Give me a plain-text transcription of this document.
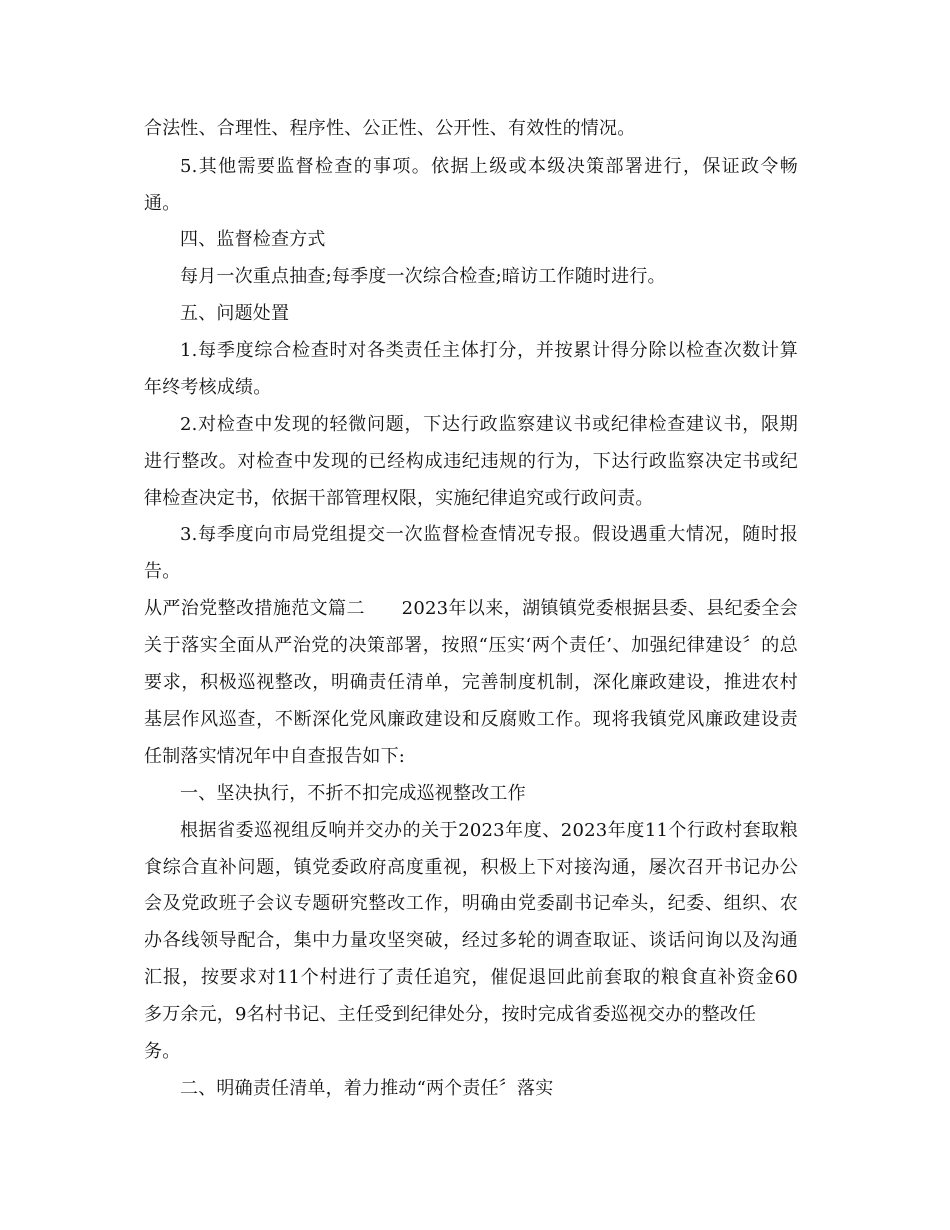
合法性、合理性、程序性、公正性、公开性、有效性的情况。
5.其他需要监督检查的事项。依据上级或本级决策部署进行，保证政令畅
通。
四、监督检查方式
每月一次重点抽查;每季度一次综合检查;暗访工作随时进行。
五、问题处置
1.每季度综合检查时对各类责任主体打分，并按累计得分除以检查次数计算
年终考核成绩。
2.对检查中发现的轻微问题，下达行政监察建议书或纪律检查建议书，限期
进行整改。对检查中发现的已经构成违纪违规的行为，下达行政监察决定书或纪
律检查决定书，依据干部管理权限，实施纪律追究或行政问责。
3.每季度向市局党组提交一次监督检查情况专报。假设遇重大情况，随时报
告。
从严治党整改措施范文篇二　　2023年以来，湖镇镇党委根据县委、县纪委全会
关于落实全面从严治党的决策部署，按照“压实‘两个责任’、加强纪律建设〞的总
要求，积极巡视整改，明确责任清单，完善制度机制，深化廉政建设，推进农村
基层作风巡查，不断深化党风廉政建设和反腐败工作。现将我镇党风廉政建设责
任制落实情况年中自查报告如下:
一、坚决执行，不折不扣完成巡视整改工作
根据省委巡视组反响并交办的关于2023年度、2023年度11个行政村套取粮
食综合直补问题，镇党委政府高度重视，积极上下对接沟通，屡次召开书记办公
会及党政班子会议专题研究整改工作，明确由党委副书记牵头，纪委、组织、农
办各线领导配合，集中力量攻坚突破，经过多轮的调查取证、谈话问询以及沟通
汇报，按要求对11个村进行了责任追究，催促退回此前套取的粮食直补资金60
多万余元，9名村书记、主任受到纪律处分，按时完成省委巡视交办的整改任
务。
二、明确责任清单，着力推动“两个责任〞落实
